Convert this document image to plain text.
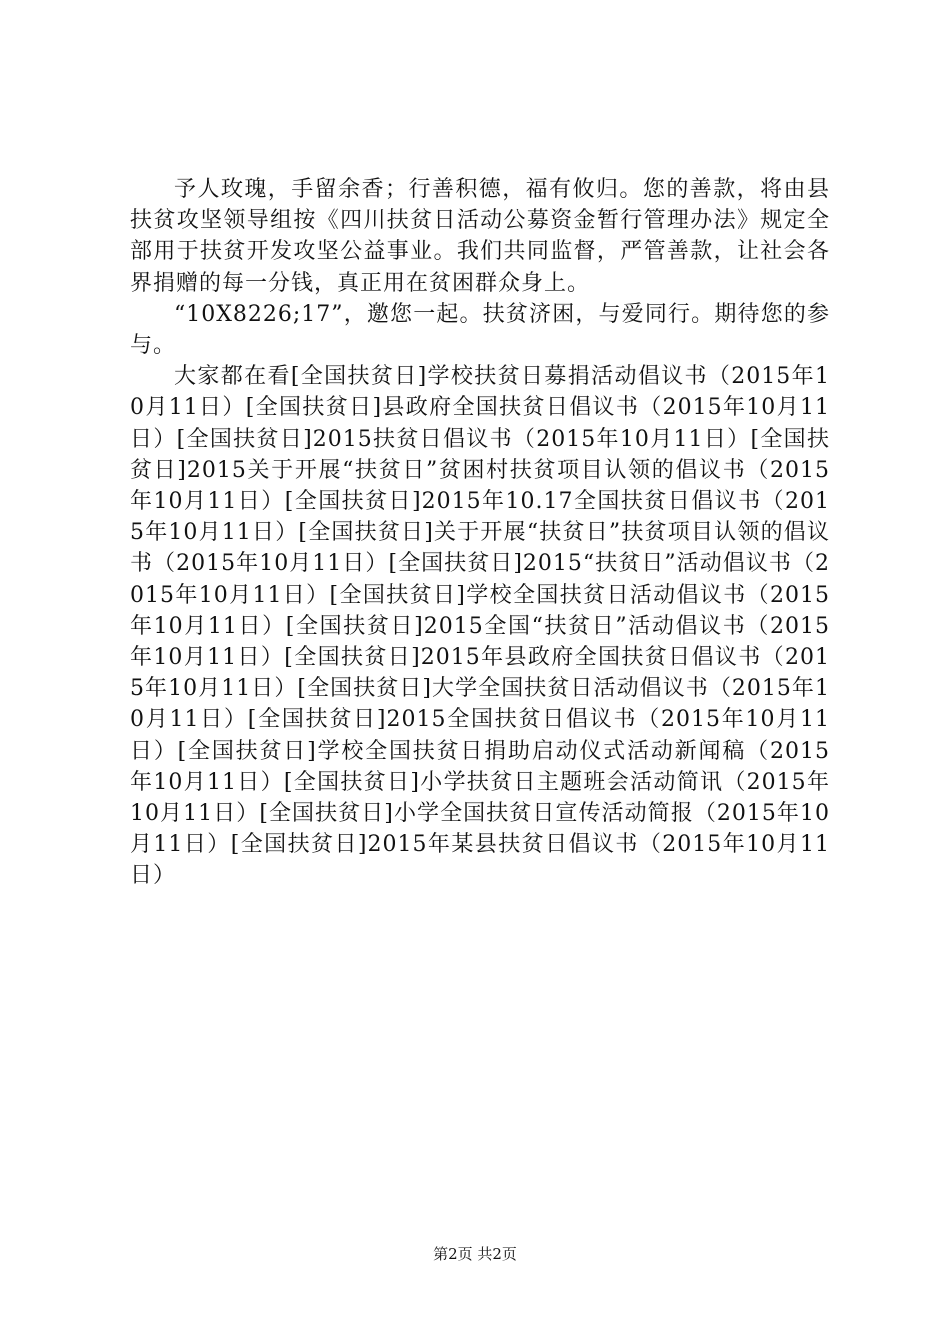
予人玫瑰，手留余香；行善积德，福有攸归。您的善款，将由县扶贫攻坚领导组按《四川扶贫日活动公募资金暂行管理办法》规定全部用于扶贫开发攻坚公益事业。我们共同监督，严管善款，让社会各界捐赠的每一分钱，真正用在贫困群众身上。

“10X8226;17”，邀您一起。扶贫济困，与爱同行。期待您的参与。

大家都在看[全国扶贫日]学校扶贫日募捐活动倡议书（2015年10月11日）[全国扶贫日]县政府全国扶贫日倡议书（2015年10月11日）[全国扶贫日]2015扶贫日倡议书（2015年10月11日）[全国扶贫日]2015关于开展“扶贫日”贫困村扶贫项目认领的倡议书（2015年10月11日）[全国扶贫日]2015年10.17全国扶贫日倡议书（2015年10月11日）[全国扶贫日]关于开展“扶贫日”扶贫项目认领的倡议书（2015年10月11日）[全国扶贫日]2015“扶贫日”活动倡议书（2015年10月11日）[全国扶贫日]学校全国扶贫日活动倡议书（2015年10月11日）[全国扶贫日]2015全国“扶贫日”活动倡议书（2015年10月11日）[全国扶贫日]2015年县政府全国扶贫日倡议书（2015年10月11日）[全国扶贫日]大学全国扶贫日活动倡议书（2015年10月11日）[全国扶贫日]2015全国扶贫日倡议书（2015年10月11日）[全国扶贫日]学校全国扶贫日捐助启动仪式活动新闻稿（2015年10月11日）[全国扶贫日]小学扶贫日主题班会活动简讯（2015年10月11日）[全国扶贫日]小学全国扶贫日宣传活动简报（2015年10月11日）[全国扶贫日]2015年某县扶贫日倡议书（2015年10月11日）

第2页 共2页
